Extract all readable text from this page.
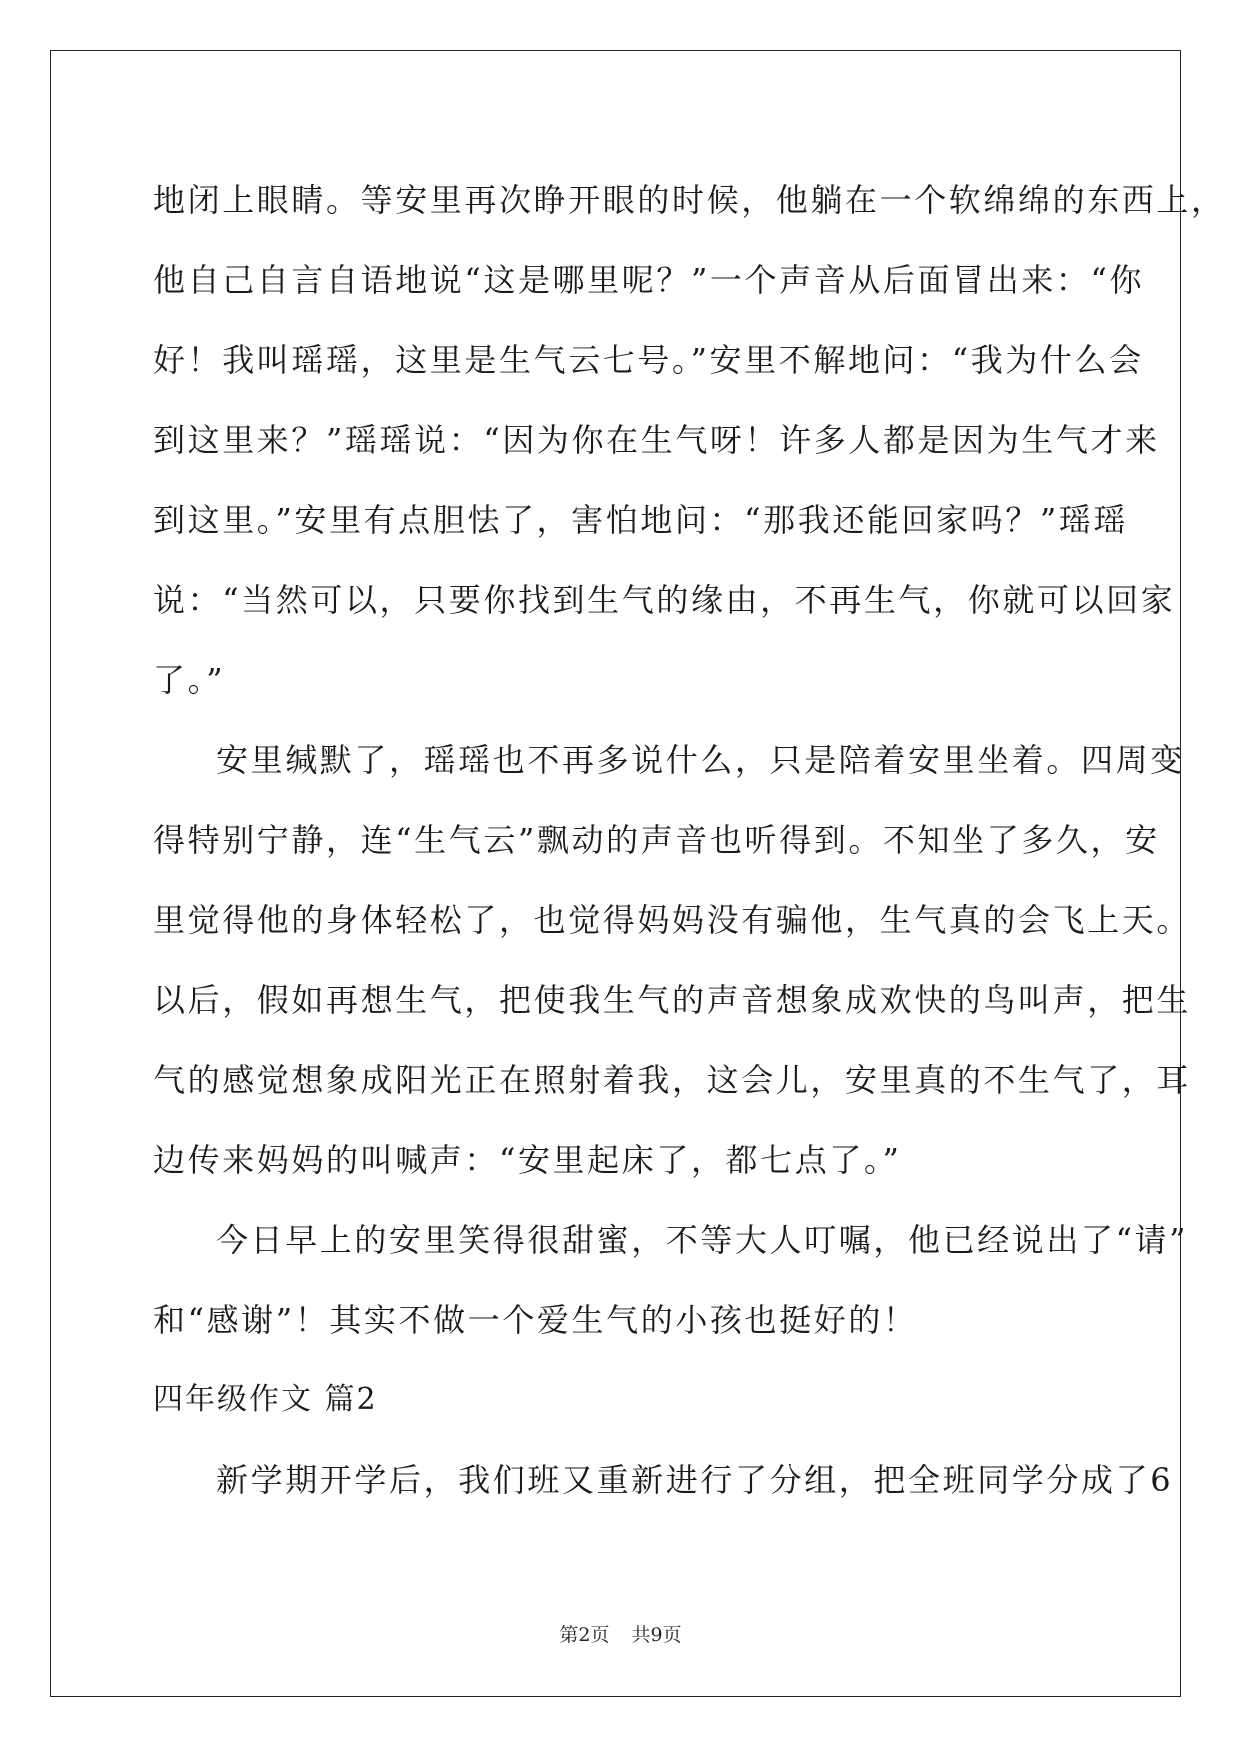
地闭上眼睛。等安里再次睁开眼的时候，他躺在一个软绵绵的东西上，
他自己自言自语地说“这是哪里呢？”一个声音从后面冒出来：“你
好！我叫瑶瑶，这里是生气云七号。”安里不解地问：“我为什么会
到这里来？”瑶瑶说：“因为你在生气呀！许多人都是因为生气才来
到这里。”安里有点胆怯了，害怕地问：“那我还能回家吗？”瑶瑶
说：“当然可以，只要你找到生气的缘由，不再生气，你就可以回家
了。”
安里缄默了，瑶瑶也不再多说什么，只是陪着安里坐着。四周变
得特别宁静，连“生气云”飘动的声音也听得到。不知坐了多久，安
里觉得他的身体轻松了，也觉得妈妈没有骗他，生气真的会飞上天。
以后，假如再想生气，把使我生气的声音想象成欢快的鸟叫声，把生
气的感觉想象成阳光正在照射着我，这会儿，安里真的不生气了，耳
边传来妈妈的叫喊声：“安里起床了，都七点了。”
今日早上的安里笑得很甜蜜，不等大人叮嘱，他已经说出了“请”
和“感谢”！其实不做一个爱生气的小孩也挺好的！
四年级作文 篇2
新学期开学后，我们班又重新进行了分组，把全班同学分成了6
第2页 共9页
